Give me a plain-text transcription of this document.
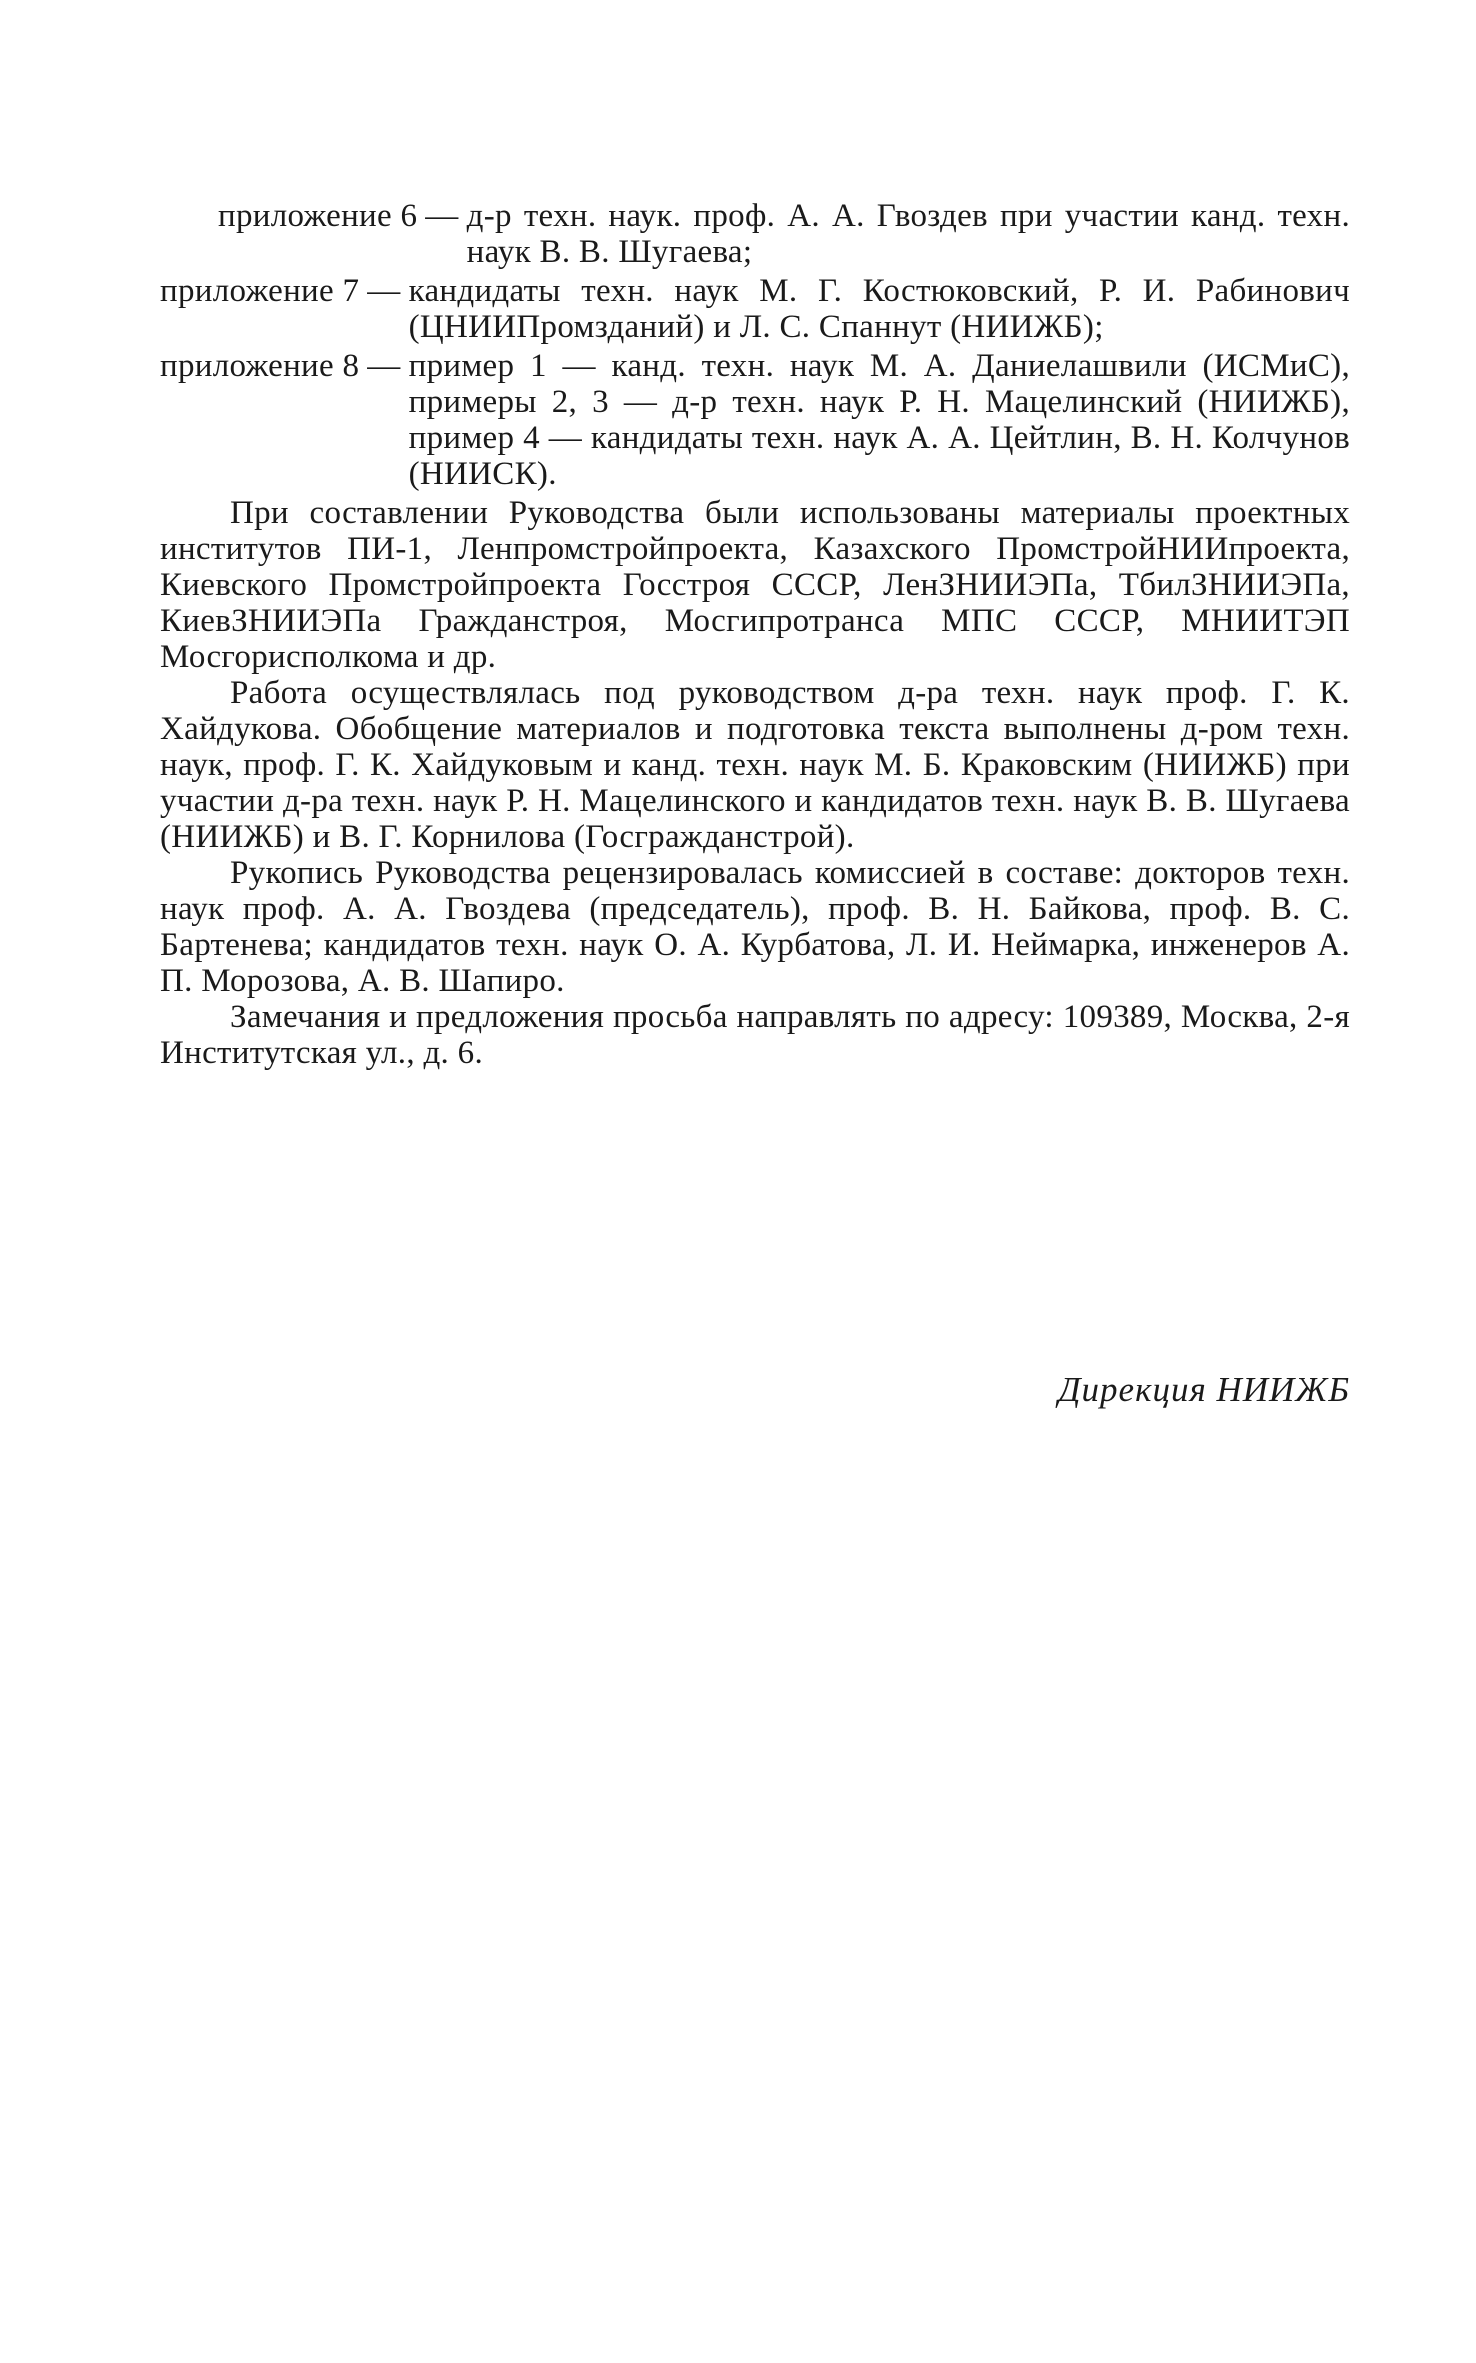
приложение 6 — д-р техн. наук. проф. А. А. Гвоздев при участии канд. техн. наук В. В. Шугаева;
приложение 7 — кандидаты техн. наук М. Г. Костюковский, Р. И. Рабинович (ЦНИИПромзданий) и Л. С. Спаннут (НИИЖБ);
приложение 8 — пример 1 — канд. техн. наук М. А. Даниелашвили (ИСМиС), примеры 2, 3 — д-р техн. наук Р. Н. Мацелинский (НИИЖБ), пример 4 — кандидаты техн. наук А. А. Цейтлин, В. Н. Колчунов (НИИСК).

При составлении Руководства были использованы материалы проектных институтов ПИ-1, Ленпромстройпроекта, Казахского ПромстройНИИпроекта, Киевского Промстройпроекта Госстроя СССР, ЛенЗНИИЭПа, ТбилЗНИИЭПа, КиевЗНИИЭПа Гражданстроя, Мосгипротранса МПС СССР, МНИИТЭП Мосгорисполкома и др.

Работа осуществлялась под руководством д-ра техн. наук проф. Г. К. Хайдукова. Обобщение материалов и подготовка текста выполнены д-ром техн. наук, проф. Г. К. Хайдуковым и канд. техн. наук М. Б. Краковским (НИИЖБ) при участии д-ра техн. наук Р. Н. Мацелинского и кандидатов техн. наук В. В. Шугаева (НИИЖБ) и В. Г. Корнилова (Госгражданстрой).

Рукопись Руководства рецензировалась комиссией в составе: докторов техн. наук проф. А. А. Гвоздева (председатель), проф. В. Н. Байкова, проф. В. С. Бартенева; кандидатов техн. наук О. А. Курбатова, Л. И. Неймарка, инженеров А. П. Морозова, А. В. Шапиро.

Замечания и предложения просьба направлять по адресу: 109389, Москва, 2-я Институтская ул., д. 6.

Дирекция НИИЖБ
